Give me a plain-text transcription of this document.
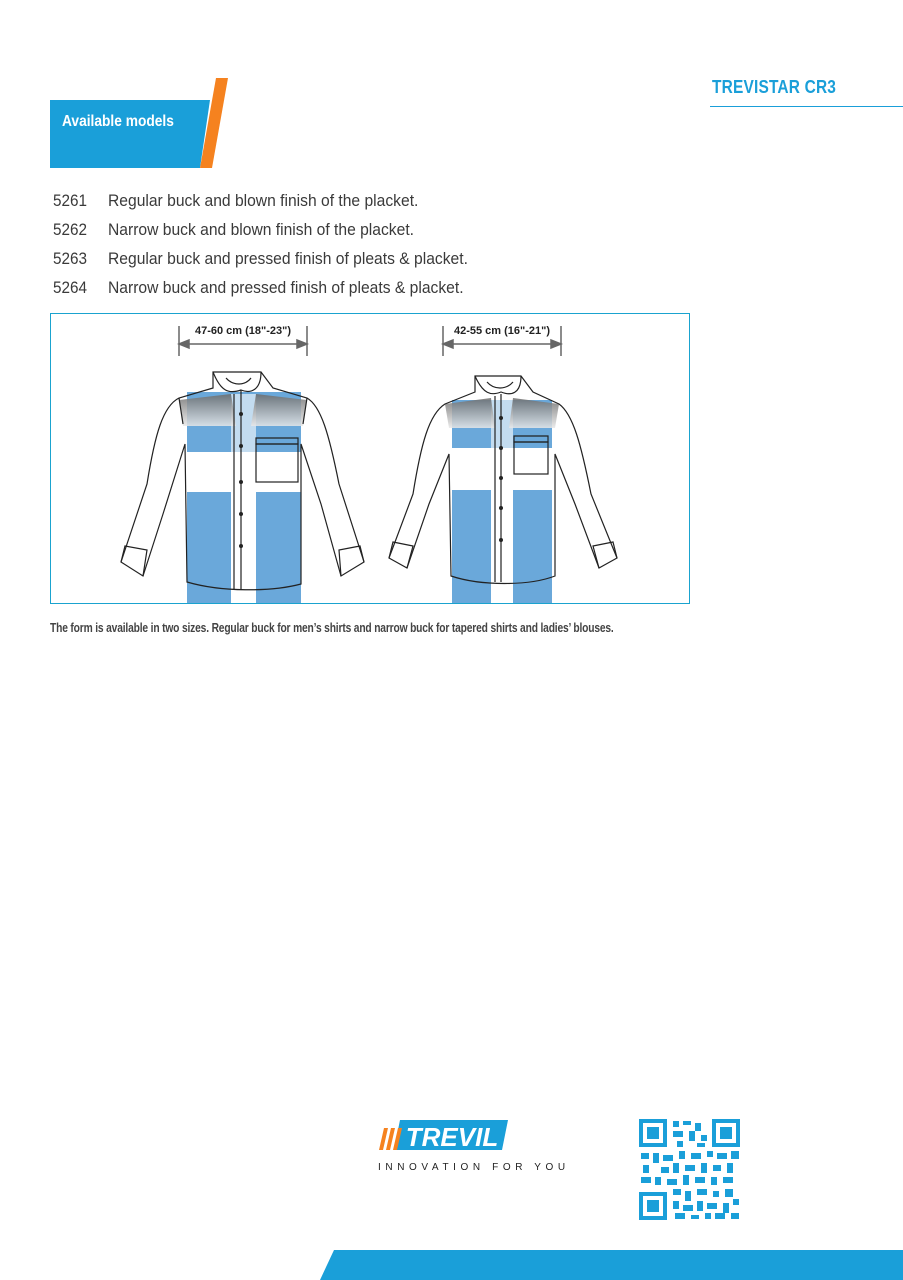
TREVISTAR CR3
Available models
5261	Regular buck and blown finish of the placket.
5262	Narrow buck and blown finish of the placket.
5263	Regular buck and pressed finish of pleats & placket.
5264	Narrow buck and pressed finish of pleats & placket.
47-60 cm (18"-23")	42-55 cm (16"-21")
The form is available in two sizes. Regular buck for men’s shirts and narrow buck for tapered shirts and ladies’ blouses.
TREVIL
INNOVATION FOR YOU
